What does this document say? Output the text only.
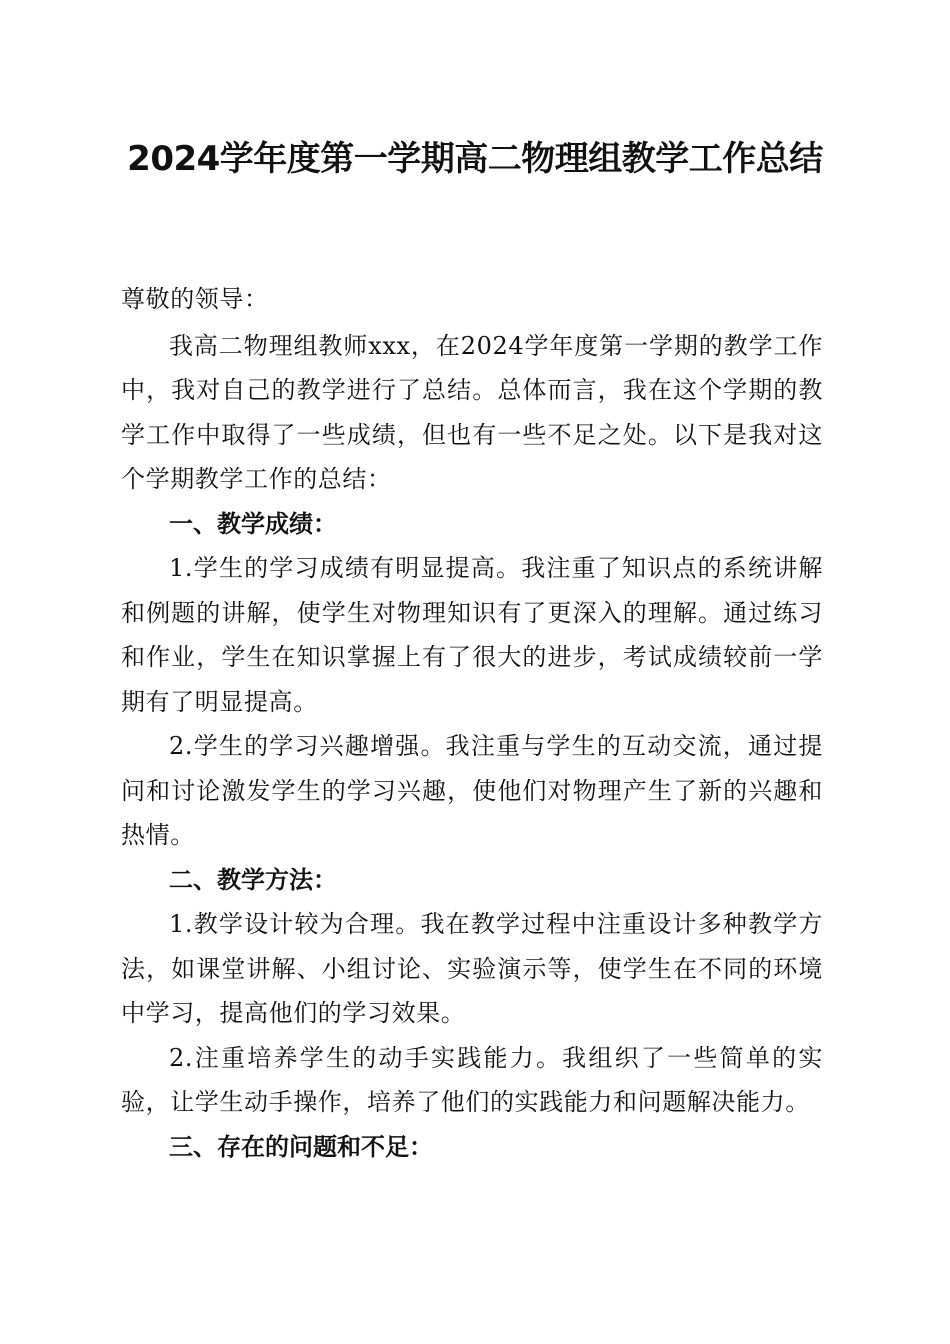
2024学年度第一学期高二物理组教学工作总结

尊敬的领导：

我高二物理组教师xxx，在2024学年度第一学期的教学工作中，我对自己的教学进行了总结。总体而言，我在这个学期的教学工作中取得了一些成绩，但也有一些不足之处。以下是我对这个学期教学工作的总结：

一、教学成绩：

1.学生的学习成绩有明显提高。我注重了知识点的系统讲解和例题的讲解，使学生对物理知识有了更深入的理解。通过练习和作业，学生在知识掌握上有了很大的进步，考试成绩较前一学期有了明显提高。

2.学生的学习兴趣增强。我注重与学生的互动交流，通过提问和讨论激发学生的学习兴趣，使他们对物理产生了新的兴趣和热情。

二、教学方法：

1.教学设计较为合理。我在教学过程中注重设计多种教学方法，如课堂讲解、小组讨论、实验演示等，使学生在不同的环境中学习，提高他们的学习效果。

2.注重培养学生的动手实践能力。我组织了一些简单的实验，让学生动手操作，培养了他们的实践能力和问题解决能力。

三、存在的问题和不足：
